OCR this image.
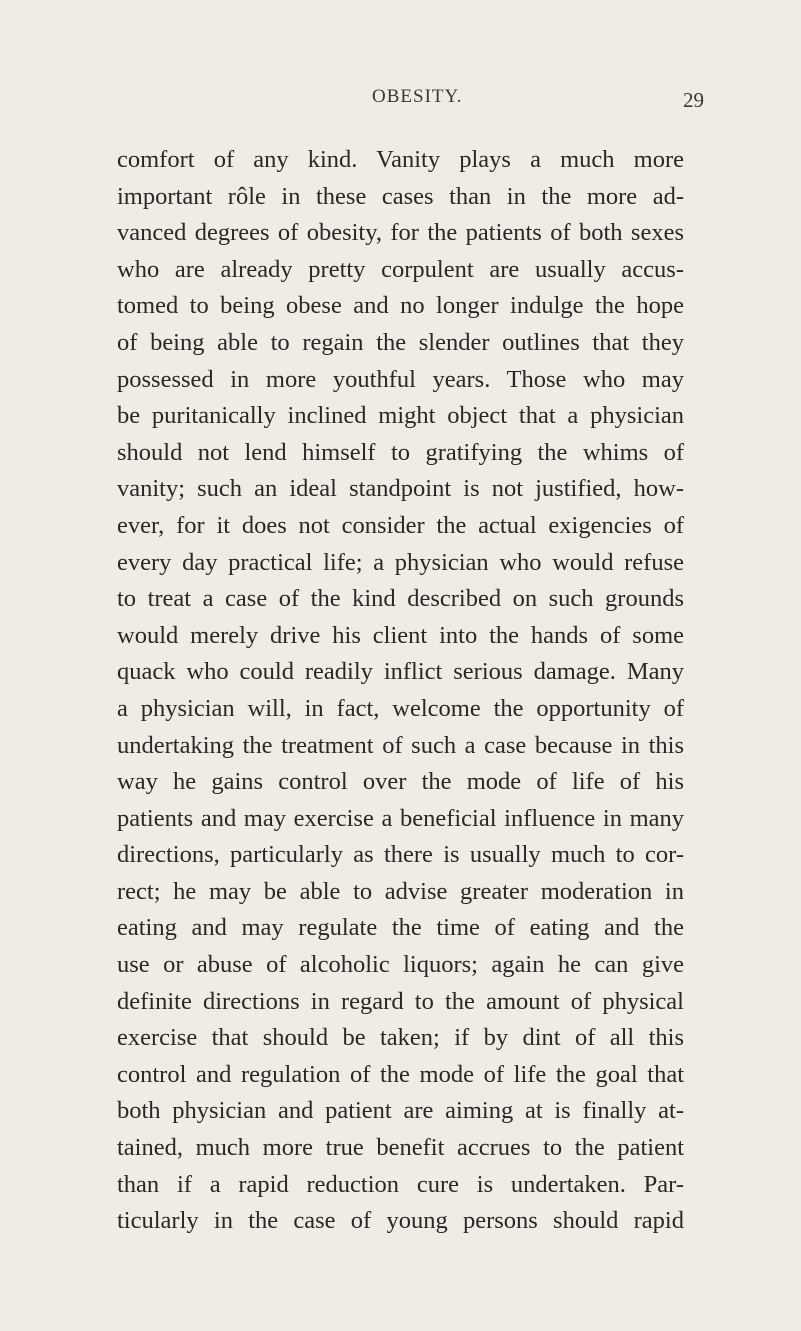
OBESITY.	29
comfort of any kind. Vanity plays a much more
important rôle in these cases than in the more ad-
vanced degrees of obesity, for the patients of both sexes
who are already pretty corpulent are usually accus-
tomed to being obese and no longer indulge the hope
of being able to regain the slender outlines that they
possessed in more youthful years. Those who may
be puritanically inclined might object that a physician
should not lend himself to gratifying the whims of
vanity; such an ideal standpoint is not justified, how-
ever, for it does not consider the actual exigencies of
every day practical life; a physician who would refuse
to treat a case of the kind described on such grounds
would merely drive his client into the hands of some
quack who could readily inflict serious damage. Many
a physician will, in fact, welcome the opportunity of
undertaking the treatment of such a case because in this
way he gains control over the mode of life of his
patients and may exercise a beneficial influence in many
directions, particularly as there is usually much to cor-
rect; he may be able to advise greater moderation in
eating and may regulate the time of eating and the
use or abuse of alcoholic liquors; again he can give
definite directions in regard to the amount of physical
exercise that should be taken; if by dint of all this
control and regulation of the mode of life the goal that
both physician and patient are aiming at is finally at-
tained, much more true benefit accrues to the patient
than if a rapid reduction cure is undertaken. Par-
ticularly in the case of young persons should rapid
